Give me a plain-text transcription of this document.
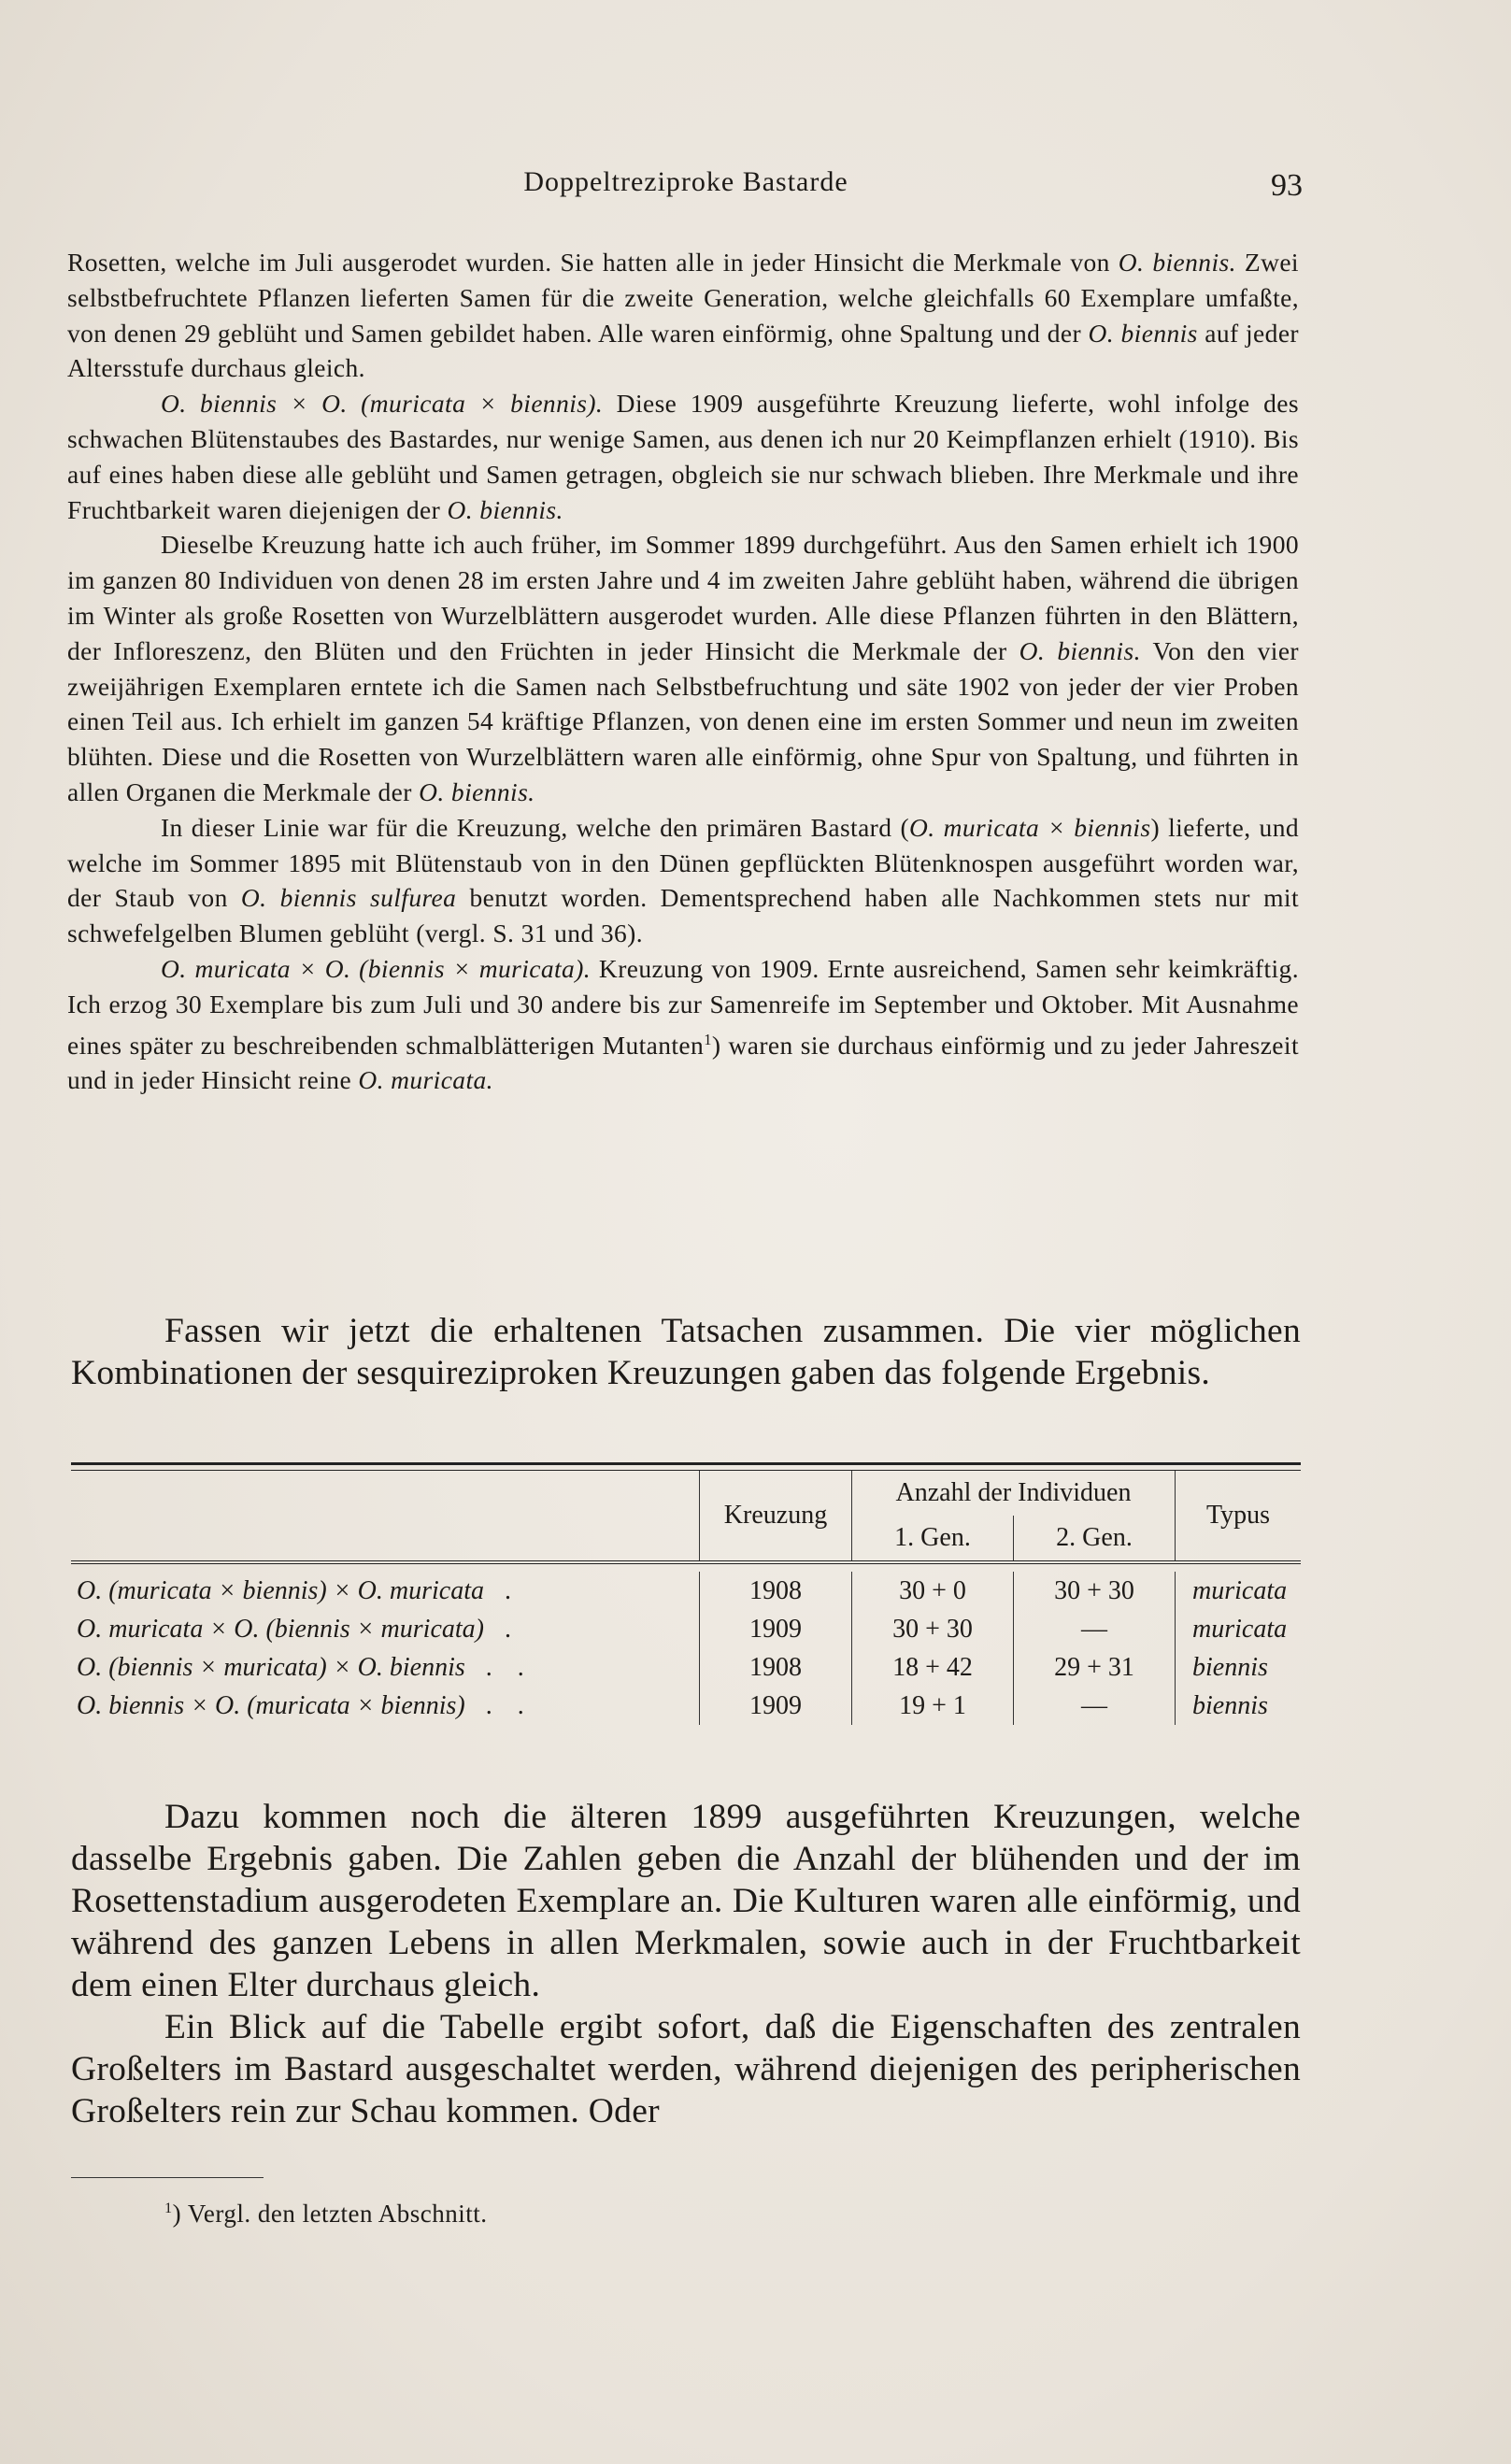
Doppeltreziproke Bastarde	93

Rosetten, welche im Juli ausgerodet wurden. Sie hatten alle in jeder Hinsicht die Merkmale von O. biennis. Zwei selbstbefruchtete Pflanzen lieferten Samen für die zweite Generation, welche gleichfalls 60 Exemplare umfaßte, von denen 29 geblüht und Samen gebildet haben. Alle waren einförmig, ohne Spaltung und der O. biennis auf jeder Altersstufe durchaus gleich.

O. biennis × O. (muricata × biennis). Diese 1909 ausgeführte Kreuzung lieferte, wohl infolge des schwachen Blütenstaubes des Bastardes, nur wenige Samen, aus denen ich nur 20 Keimpflanzen erhielt (1910). Bis auf eines haben diese alle geblüht und Samen getragen, obgleich sie nur schwach blieben. Ihre Merkmale und ihre Fruchtbarkeit waren diejenigen der O. biennis.

Dieselbe Kreuzung hatte ich auch früher, im Sommer 1899 durchgeführt. Aus den Samen erhielt ich 1900 im ganzen 80 Individuen von denen 28 im ersten Jahre und 4 im zweiten Jahre geblüht haben, während die übrigen im Winter als große Rosetten von Wurzelblättern ausgerodet wurden. Alle diese Pflanzen führten in den Blättern, der Infloreszenz, den Blüten und den Früchten in jeder Hinsicht die Merkmale der O. biennis. Von den vier zweijährigen Exemplaren erntete ich die Samen nach Selbstbefruchtung und säte 1902 von jeder der vier Proben einen Teil aus. Ich erhielt im ganzen 54 kräftige Pflanzen, von denen eine im ersten Sommer und neun im zweiten blühten. Diese und die Rosetten von Wurzelblättern waren alle einförmig, ohne Spur von Spaltung, und führten in allen Organen die Merkmale der O. biennis.

In dieser Linie war für die Kreuzung, welche den primären Bastard (O. muricata × biennis) lieferte, und welche im Sommer 1895 mit Blütenstaub von in den Dünen gepflückten Blütenknospen ausgeführt worden war, der Staub von O. biennis sulfurea benutzt worden. Dementsprechend haben alle Nachkommen stets nur mit schwefelgelben Blumen geblüht (vergl. S. 31 und 36).

O. muricata × O. (biennis × muricata). Kreuzung von 1909. Ernte ausreichend, Samen sehr keimkräftig. Ich erzog 30 Exemplare bis zum Juli und 30 andere bis zur Samenreife im September und Oktober. Mit Ausnahme eines später zu beschreibenden schmalblätterigen Mutanten$^1$) waren sie durchaus einförmig und zu jeder Jahreszeit und in jeder Hinsicht reine O. muricata.

Fassen wir jetzt die erhaltenen Tatsachen zusammen. Die vier möglichen Kombinationen der sesquireziproken Kreuzungen gaben das folgende Ergebnis.

	Kreuzung	Anzahl der Individuen		Typus
		1. Gen.	2. Gen.	

O. (muricata × biennis) × O. muricata .	1908	30 + 0	30 + 30	muricata
O. muricata × O. (biennis × muricata) .	1909	30 + 30	—	muricata
O. (biennis × muricata) × O. biennis . .	1908	18 + 42	29 + 31	biennis
O. biennis × O. (muricata × biennis) . .	1909	19 + 1	—	biennis

Dazu kommen noch die älteren 1899 ausgeführten Kreuzungen, welche dasselbe Ergebnis gaben. Die Zahlen geben die Anzahl der blühenden und der im Rosettenstadium ausgerodeten Exemplare an. Die Kulturen waren alle einförmig, und während des ganzen Lebens in allen Merkmalen, sowie auch in der Fruchtbarkeit dem einen Elter durchaus gleich.

Ein Blick auf die Tabelle ergibt sofort, daß die Eigenschaften des zentralen Großelters im Bastard ausgeschaltet werden, während diejenigen des peripherischen Großelters rein zur Schau kommen. Oder

$^1$) Vergl. den letzten Abschnitt.
